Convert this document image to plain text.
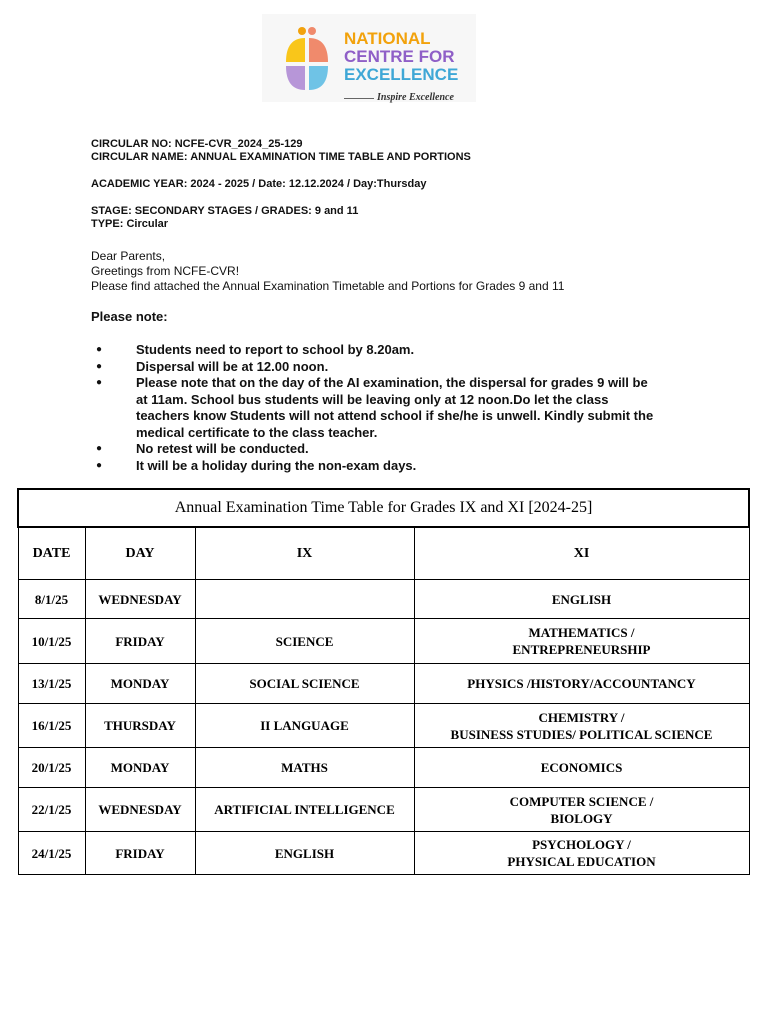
NATIONAL
CENTRE FOR
EXCELLENCE
Inspire Excellence
CIRCULAR NO: NCFE-CVR_2024_25-129
CIRCULAR NAME: ANNUAL EXAMINATION TIME TABLE AND PORTIONS
ACADEMIC YEAR: 2024 - 2025 / Date: 12.12.2024 / Day:Thursday
STAGE: SECONDARY STAGES / GRADES: 9 and 11
TYPE: Circular
Dear Parents,
Greetings from NCFE-CVR!
Please find attached the Annual Examination Timetable and Portions for Grades 9 and 11
Please note:
● Students need to report to school by 8.20am.
● Dispersal will be at 12.00 noon.
● Please note that on the day of the AI examination, the dispersal for grades 9 will be at 11am. School bus students will be leaving only at 12 noon.Do let the class teachers know Students will not attend school if she/he is unwell. Kindly submit the medical certificate to the class teacher.
● No retest will be conducted.
● It will be a holiday during the non-exam days.
Annual Examination Time Table for Grades IX and XI [2024-25]			
DATE	DAY	IX	XI
8/1/25	WEDNESDAY		ENGLISH

10/1/25	FRIDAY	SCIENCE	MATHEMATICS /
ENTREPRENEURSHIP

13/1/25	MONDAY	SOCIAL SCIENCE	PHYSICS /HISTORY/ACCOUNTANCY

16/1/25	THURSDAY	II LANGUAGE	CHEMISTRY /
BUSINESS STUDIES/ POLITICAL SCIENCE

20/1/25	MONDAY	MATHS	ECONOMICS

22/1/25	WEDNESDAY	ARTIFICIAL INTELLIGENCE	COMPUTER SCIENCE /
BIOLOGY

24/1/25	FRIDAY	ENGLISH	PSYCHOLOGY /
PHYSICAL EDUCATION
